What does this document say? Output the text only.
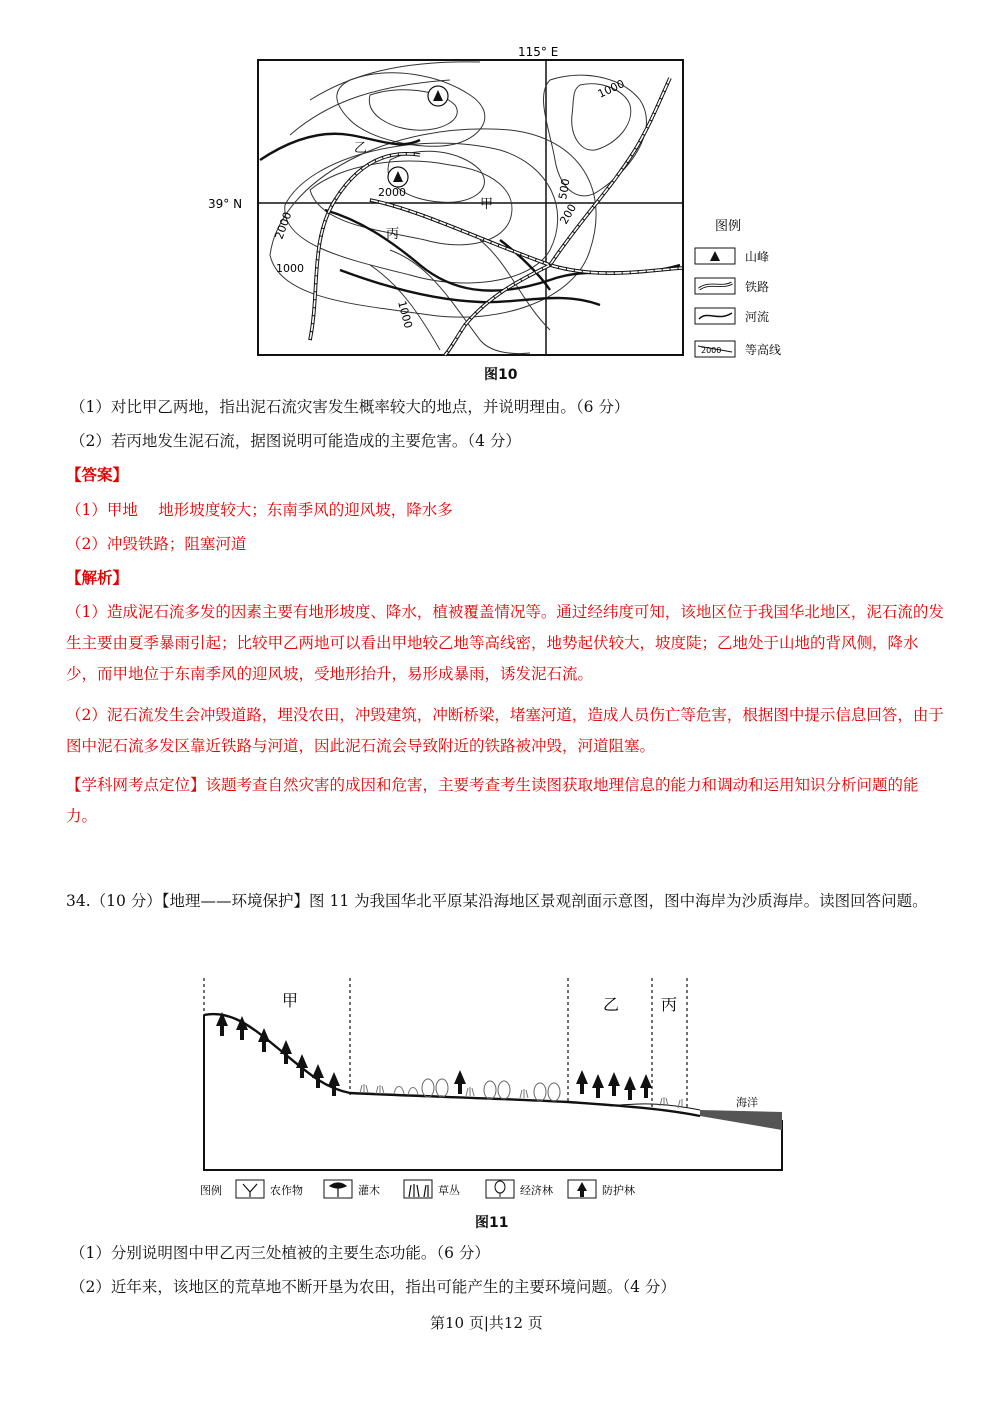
115° E
39° N
乙
丙
甲
2000
2000
1000
1000
500
200
1000
图例
山峰
铁路
河流
2000 等高线
图10
（1）对比甲乙两地，指出泥石流灾害发生概率较大的地点，并说明理由。（6 分）
（2）若丙地发生泥石流，据图说明可能造成的主要危害。（4 分）
【答案】
（1）甲地　 地形坡度较大；东南季风的迎风坡，降水多
（2）冲毁铁路；阻塞河道
【解析】
（1）造成泥石流多发的因素主要有地形坡度、降水，植被覆盖情况等。通过经纬度可知，该地区位于我国华北地区，泥石流的发生主要由夏季暴雨引起；比较甲乙两地可以看出甲地较乙地等高线密，地势起伏较大，坡度陡；乙地处于山地的背风侧，降水少，而甲地位于东南季风的迎风坡，受地形抬升，易形成暴雨，诱发泥石流。
（2）泥石流发生会冲毁道路，埋没农田，冲毁建筑，冲断桥梁，堵塞河道，造成人员伤亡等危害，根据图中提示信息回答，由于图中泥石流多发区靠近铁路与河道，因此泥石流会导致附近的铁路被冲毁，河道阻塞。
【学科网考点定位】该题考查自然灾害的成因和危害，主要考查考生读图获取地理信息的能力和调动和运用知识分析问题的能力。
34.（10 分）【地理——环境保护】图 11 为我国华北平原某沿海地区景观剖面示意图，图中海岸为沙质海岸。读图回答问题。
甲	乙	丙
海洋
图例	农作物	灌木	草丛	经济林	防护林
图11
（1）分别说明图中甲乙丙三处植被的主要生态功能。（6 分）
（2）近年来，该地区的荒草地不断开垦为农田，指出可能产生的主要环境问题。（4 分）
第10 页|共12 页
